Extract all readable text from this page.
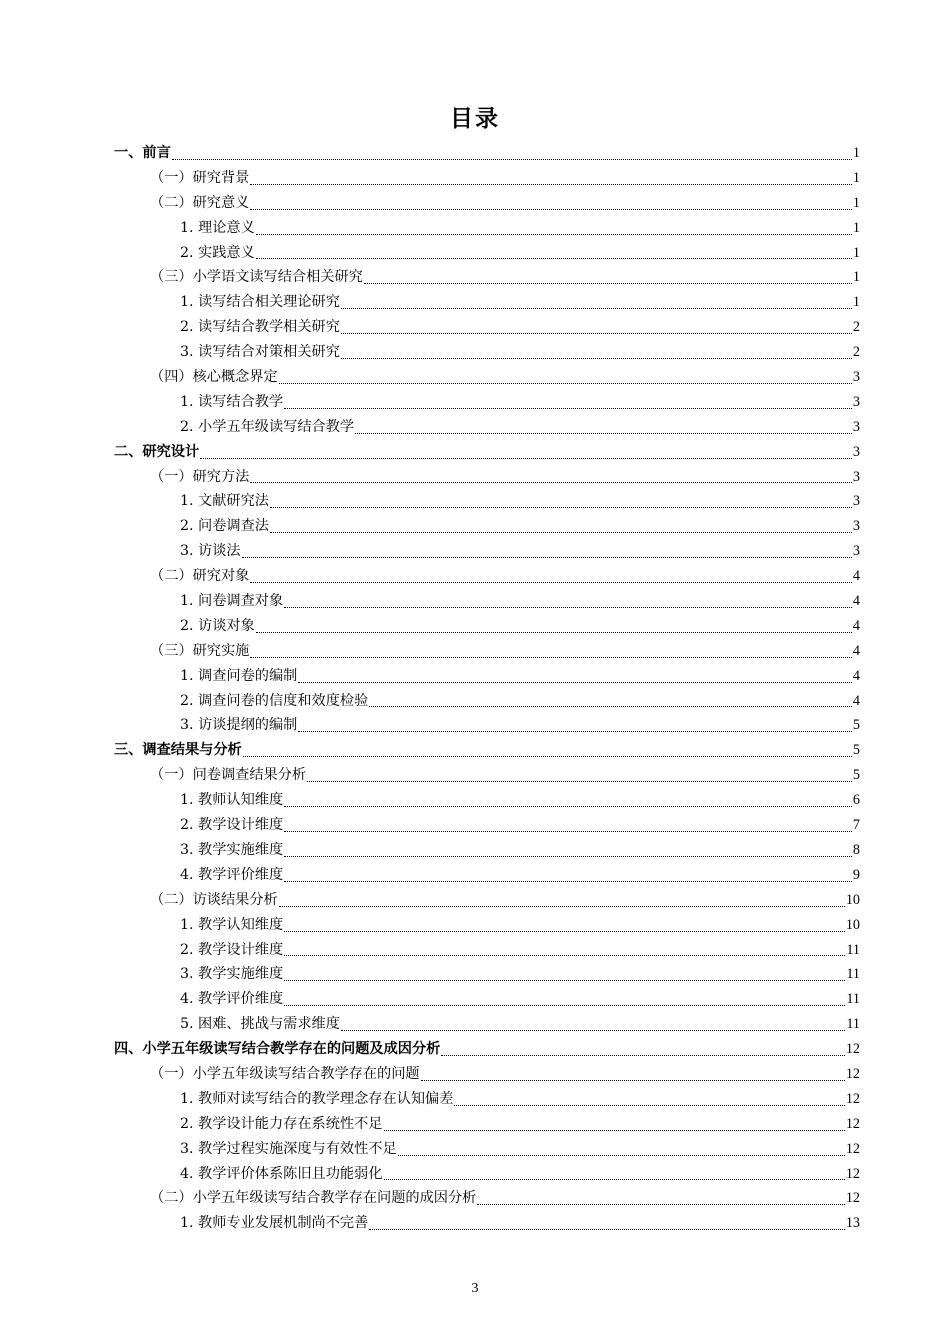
目录
一、前言	1
（一）研究背景	1
（二）研究意义	1
1. 理论意义	1
2. 实践意义	1
（三）小学语文读写结合相关研究	1
1. 读写结合相关理论研究	1
2. 读写结合教学相关研究	2
3. 读写结合对策相关研究	2
（四）核心概念界定	3
1. 读写结合教学	3
2. 小学五年级读写结合教学	3
二、研究设计	3
（一）研究方法	3
1. 文献研究法	3
2. 问卷调查法	3
3. 访谈法	3
（二）研究对象	4
1. 问卷调查对象	4
2. 访谈对象	4
（三）研究实施	4
1. 调查问卷的编制	4
2. 调查问卷的信度和效度检验	4
3. 访谈提纲的编制	5
三、调查结果与分析	5
（一）问卷调查结果分析	5
1. 教师认知维度	6
2. 教学设计维度	7
3. 教学实施维度	8
4. 教学评价维度	9
（二）访谈结果分析	10
1. 教学认知维度	10
2. 教学设计维度	11
3. 教学实施维度	11
4. 教学评价维度	11
5. 困难、挑战与需求维度	11
四、小学五年级读写结合教学存在的问题及成因分析	12
（一）小学五年级读写结合教学存在的问题	12
1. 教师对读写结合的教学理念存在认知偏差	12
2. 教学设计能力存在系统性不足	12
3. 教学过程实施深度与有效性不足	12
4. 教学评价体系陈旧且功能弱化	12
（二）小学五年级读写结合教学存在问题的成因分析	12
1. 教师专业发展机制尚不完善	13
3
